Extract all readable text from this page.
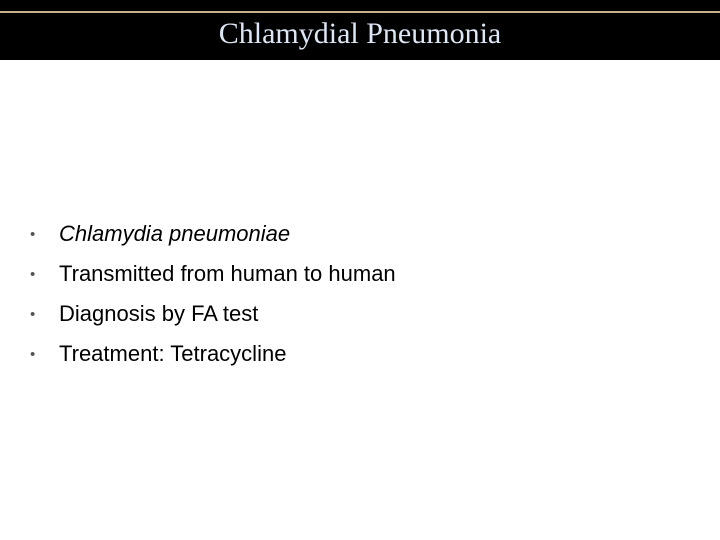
Chlamydial Pneumonia
•	Chlamydia pneumoniae
•	Transmitted from human to human
•	Diagnosis by FA test
•	Treatment: Tetracycline
